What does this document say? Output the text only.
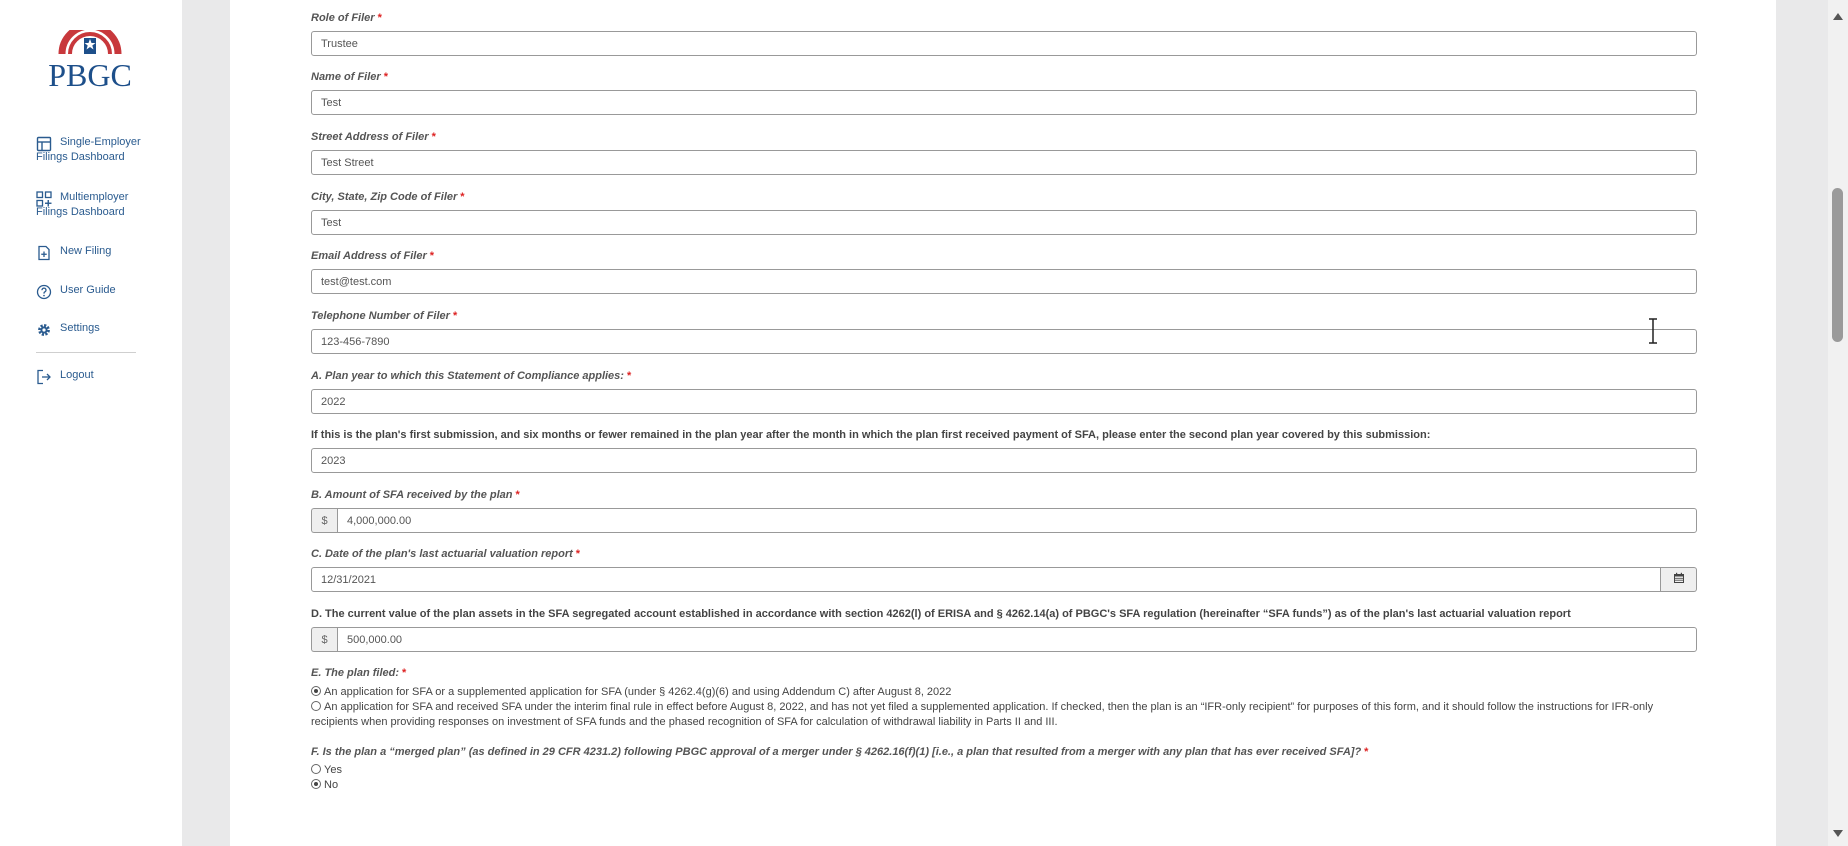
PBGC
Single-Employer Filings Dashboard
Multiemployer Filings Dashboard
New Filing
User Guide
Settings
Logout
Role of Filer *
Trustee
Name of Filer *
Test
Street Address of Filer *
Test Street
City, State, Zip Code of Filer *
Test
Email Address of Filer *
test@test.com
Telephone Number of Filer *
123-456-7890
A. Plan year to which this Statement of Compliance applies: *
2022
If this is the plan's first submission, and six months or fewer remained in the plan year after the month in which the plan first received payment of SFA, please enter the second plan year covered by this submission:
2023
B. Amount of SFA received by the plan *
$	4,000,000.00
C. Date of the plan's last actuarial valuation report *
12/31/2021
D. The current value of the plan assets in the SFA segregated account established in accordance with section 4262(l) of ERISA and § 4262.14(a) of PBGC's SFA regulation (hereinafter “SFA funds”) as of the plan's last actuarial valuation report
$	500,000.00
E. The plan filed: *
An application for SFA or a supplemented application for SFA (under § 4262.4(g)(6) and using Addendum C) after August 8, 2022
An application for SFA and received SFA under the interim final rule in effect before August 8, 2022, and has not yet filed a supplemented application. If checked, then the plan is an “IFR-only recipient” for purposes of this form, and it should follow the instructions for IFR-only recipients when providing responses on investment of SFA funds and the phased recognition of SFA for calculation of withdrawal liability in Parts II and III.
F. Is the plan a “merged plan” (as defined in 29 CFR 4231.2) following PBGC approval of a merger under § 4262.16(f)(1) [i.e., a plan that resulted from a merger with any plan that has ever received SFA]? *
Yes
No
